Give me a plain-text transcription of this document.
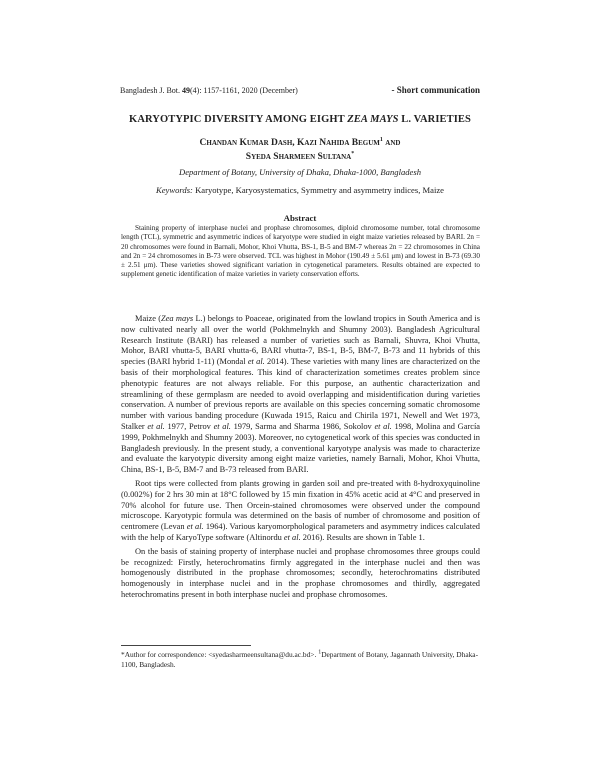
Bangladesh J. Bot. 49(4): 1157-1161, 2020 (December)	- Short communication
KARYOTYPIC DIVERSITY AMONG EIGHT ZEA MAYS L. VARIETIES
Chandan Kumar Dash, Kazi Nahida Begum$^1$ and
Syeda Sharmeen Sultana*
Department of Botany, University of Dhaka, Dhaka-1000, Bangladesh
Keywords: Karyotype, Karyosystematics, Symmetry and asymmetry indices, Maize
Abstract
Staining property of interphase nuclei and prophase chromosomes, diploid chromosome number, total chromosome length (TCL), symmetric and asymmetric indices of karyotype were studied in eight maize varieties released by BARI. 2n = 20 chromosomes were found in Barnali, Mohor, Khoi Vhutta, BS-1, B-5 and BM-7 whereas 2n = 22 chromosomes in China and 2n = 24 chromosomes in B-73 were observed. TCL was highest in Mohor (190.49 ± 5.61 μm) and lowest in B-73 (69.30 ± 2.51 μm). These varieties showed significant variation in cytogenetical parameters. Results obtained are expected to supplement genetic identification of maize varieties in variety conservation efforts.

Maize (Zea mays L.) belongs to Poaceae, originated from the lowland tropics in South America and is now cultivated nearly all over the world (Pokhmelnykh and Shumny 2003). Bangladesh Agricultural Research Institute (BARI) has released a number of varieties such as Barnali, Shuvra, Khoi Vhutta, Mohor, BARI vhutta-5, BARI vhutta-6, BARI vhutta-7, BS-1, B-5, BM-7, B-73 and 11 hybrids of this species (BARI hybrid 1-11) (Mondal et al. 2014). These varieties with many lines are characterized on the basis of their morphological features. This kind of characterization sometimes creates problem since phenotypic features are not always reliable. For this purpose, an authentic characterization and streamlining of these germplasm are needed to avoid overlapping and misidentification during varieties conservation. A number of previous reports are available on this species concerning somatic chromosome number with various banding procedure (Kuwada 1915, Raicu and Chirila 1971, Newell and Wet 1973, Stalker et al. 1977, Petrov et al. 1979, Sarma and Sharma 1986, Sokolov et al. 1998, Molina and García 1999, Pokhmelnykh and Shumny 2003). Moreover, no cytogenetical work of this species was conducted in Bangladesh previously. In the present study, a conventional karyotype analysis was made to characterize and evaluate the karyotypic diversity among eight maize varieties, namely Barnali, Mohor, Khoi Vhutta, China, BS-1, B-5, BM-7 and B-73 released from BARI.

Root tips were collected from plants growing in garden soil and pre-treated with 8-hydroxyquinoline (0.002%) for 2 hrs 30 min at 18°C followed by 15 min fixation in 45% acetic acid at 4°C and preserved in 70% alcohol for future use. Then Orcein-stained chromosomes were observed under the compound microscope. Karyotypic formula was determined on the basis of number of chromosome and position of centromere (Levan et al. 1964). Various karyomorphological parameters and asymmetry indices calculated with the help of KaryoType software (Altinordu et al. 2016). Results are shown in Table 1.

On the basis of staining property of interphase nuclei and prophase chromosomes three groups could be recognized: Firstly, heterochromatins firmly aggregated in the interphase nuclei and then was homogenously distributed in the prophase chromosomes; secondly, heterochromatins distributed homogenously in interphase nuclei and in the prophase chromosomes and thirdly, aggregated heterochromatins present in both interphase nuclei and prophase chromosomes.

*Author for correspondence: <syedasharmeensultana@du.ac.bd>. $^1$Department of Botany, Jagannath University, Dhaka-1100, Bangladesh.
